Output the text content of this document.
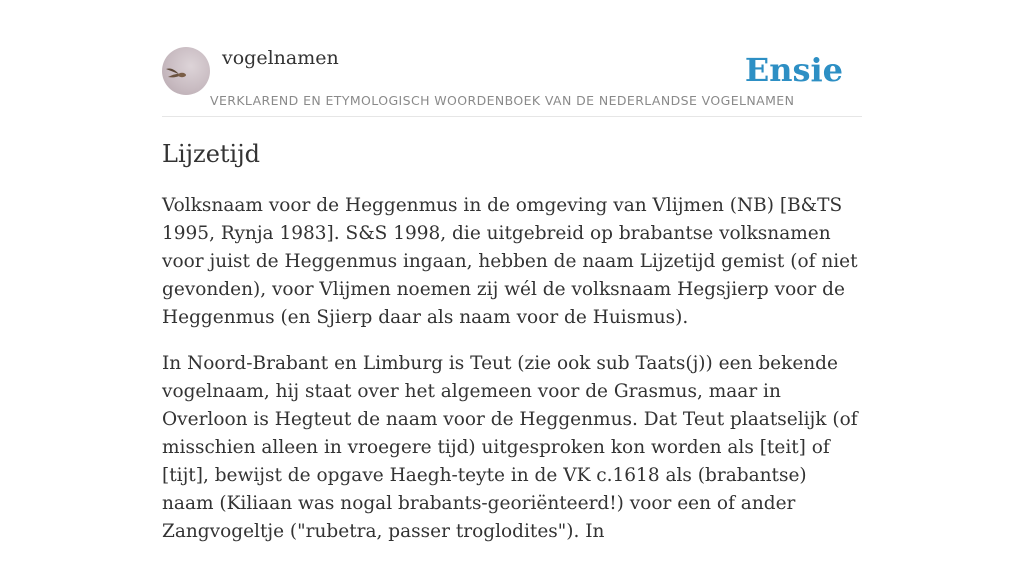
vogelnamen
VERKLAREND EN ETYMOLOGISCH WOORDENBOEK VAN DE NEDERLANDSE VOGELNAMEN
Ensie
Lijzetijd

Volksnaam voor de Heggenmus in de omgeving van Vlijmen (NB) [B&TS 1995, Rynja 1983]. S&S 1998, die uitgebreid op brabantse volksnamen voor juist de Heggenmus ingaan, hebben de naam Lijzetijd gemist (of niet gevonden), voor Vlijmen noemen zij wél de volksnaam Hegsjierp voor de Heggenmus (en Sjierp daar als naam voor de Huismus).

In Noord-Brabant en Limburg is Teut (zie ook sub Taats(j)) een bekende vogelnaam, hij staat over het algemeen voor de Grasmus, maar in Overloon is Hegteut de naam voor de Heggenmus. Dat Teut plaatselijk (of misschien alleen in vroegere tijd) uitgesproken kon worden als [teit] of [tijt], bewijst de opgave Haegh-teyte in de VK c.1618 als (brabantse) naam (Kiliaan was nogal brabants-georiënteerd!) voor een of ander Zangvogeltje ("rubetra, passer troglodites"). In
